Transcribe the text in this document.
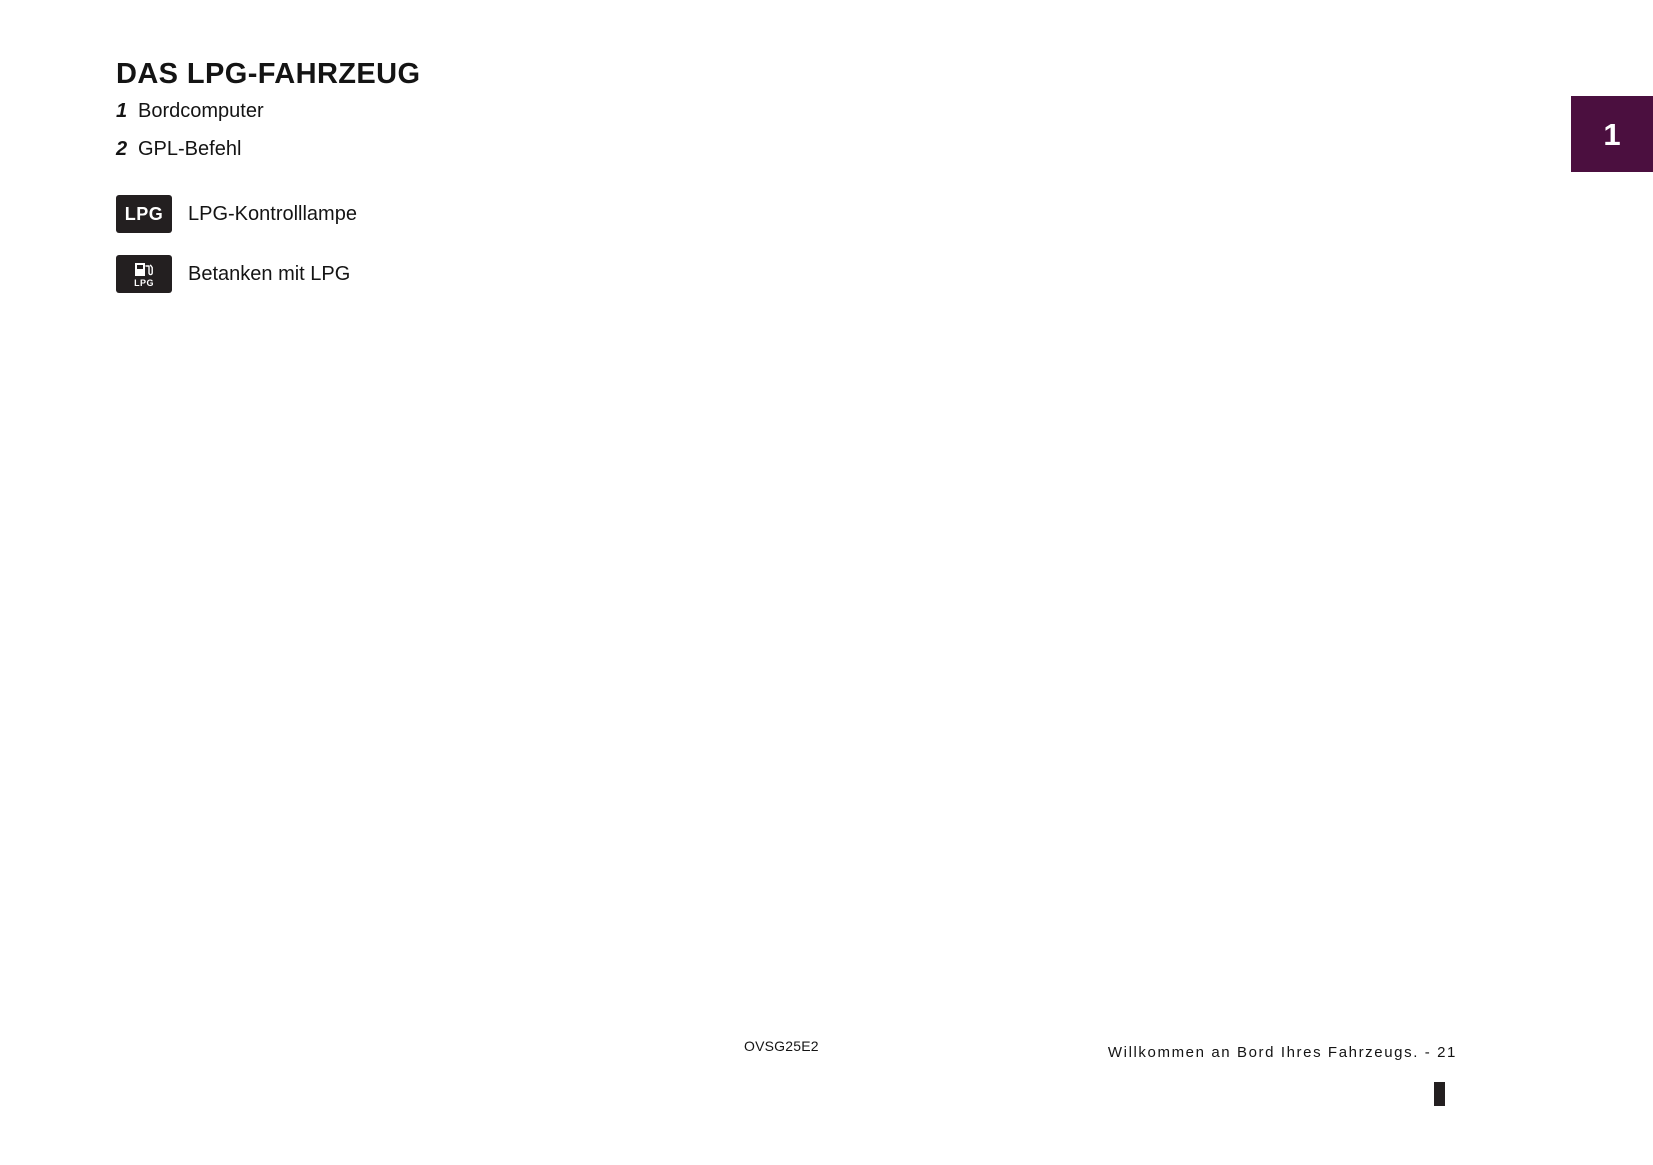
1
DAS LPG-FAHRZEUG
1 Bordcomputer
2 GPL-Befehl
LPG LPG-Kontrolllampe
LPG Betanken mit LPG
OVSG25E2	Willkommen an Bord Ihres Fahrzeugs. - 21
